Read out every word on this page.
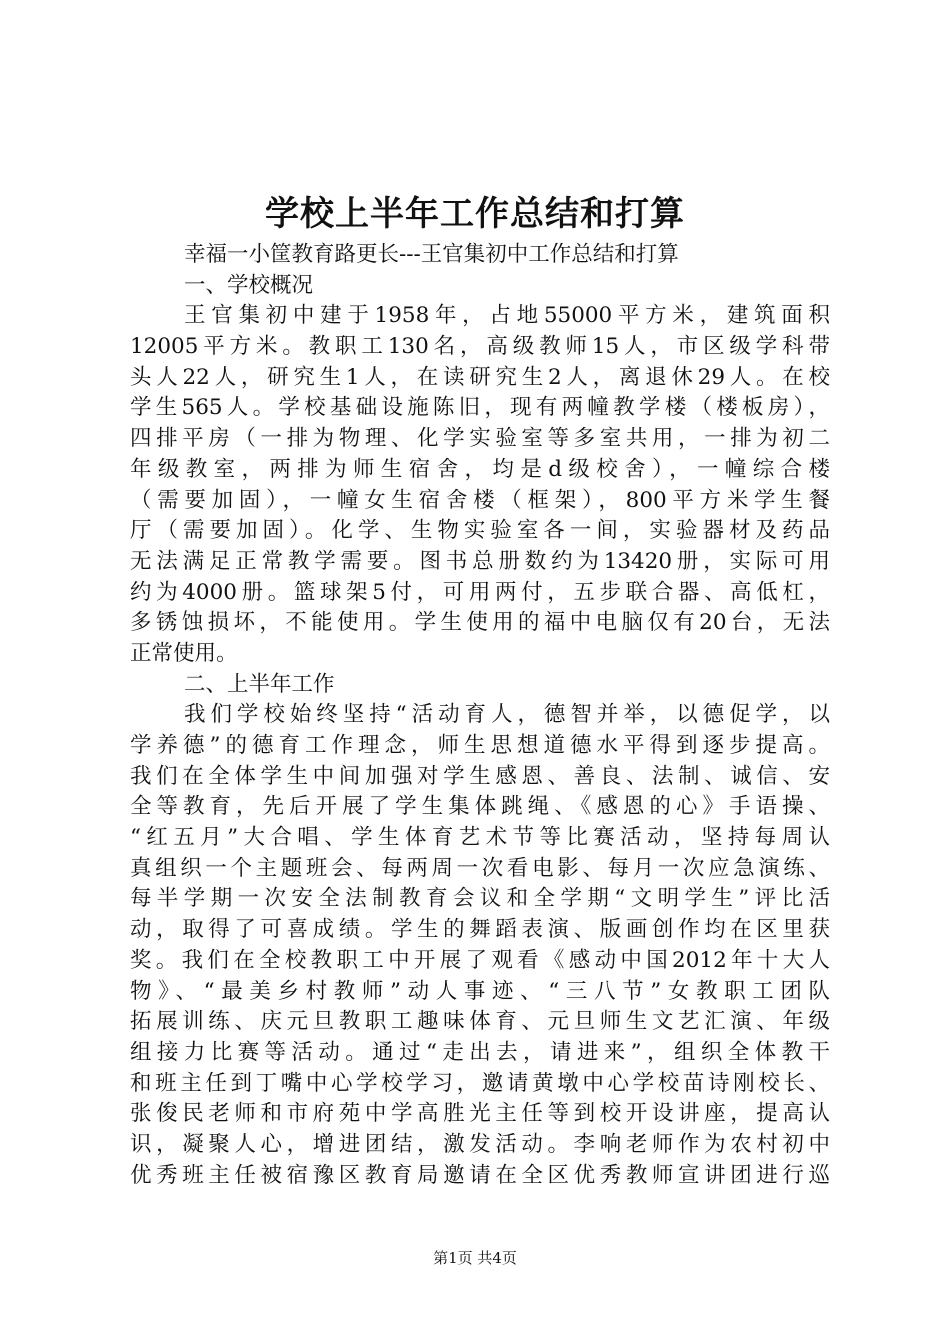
学校上半年工作总结和打算
幸福一小筐教育路更长---王官集初中工作总结和打算
一、学校概况
王官集初中建于1958年，占地55000平方米，建筑面积
12005平方米。教职工130名，高级教师15人，市区级学科带
头人22人，研究生1人，在读研究生2人，离退休29人。在校
学生565人。学校基础设施陈旧，现有两幢教学楼（楼板房），
四排平房（一排为物理、化学实验室等多室共用，一排为初二
年级教室，两排为师生宿舍，均是d级校舍），一幢综合楼
（需要加固），一幢女生宿舍楼（框架），800平方米学生餐
厅（需要加固）。化学、生物实验室各一间，实验器材及药品
无法满足正常教学需要。图书总册数约为13420册，实际可用
约为4000册。篮球架5付，可用两付，五步联合器、高低杠，
多锈蚀损坏，不能使用。学生使用的福中电脑仅有20台，无法
正常使用。
二、上半年工作
我们学校始终坚持“活动育人，德智并举，以德促学，以
学养德”的德育工作理念，师生思想道德水平得到逐步提高。
我们在全体学生中间加强对学生感恩、善良、法制、诚信、安
全等教育，先后开展了学生集体跳绳、《感恩的心》手语操、
“红五月”大合唱、学生体育艺术节等比赛活动，坚持每周认
真组织一个主题班会、每两周一次看电影、每月一次应急演练、
每半学期一次安全法制教育会议和全学期“文明学生”评比活
动，取得了可喜成绩。学生的舞蹈表演、版画创作均在区里获
奖。我们在全校教职工中开展了观看《感动中国2012年十大人
物》、“最美乡村教师”动人事迹、“三八节”女教职工团队
拓展训练、庆元旦教职工趣味体育、元旦师生文艺汇演、年级
组接力比赛等活动。通过“走出去，请进来”，组织全体教干
和班主任到丁嘴中心学校学习，邀请黄墩中心学校苗诗刚校长、
张俊民老师和市府苑中学高胜光主任等到校开设讲座，提高认
识，凝聚人心，增进团结，激发活动。李响老师作为农村初中
优秀班主任被宿豫区教育局邀请在全区优秀教师宣讲团进行巡
第1页 共4页
